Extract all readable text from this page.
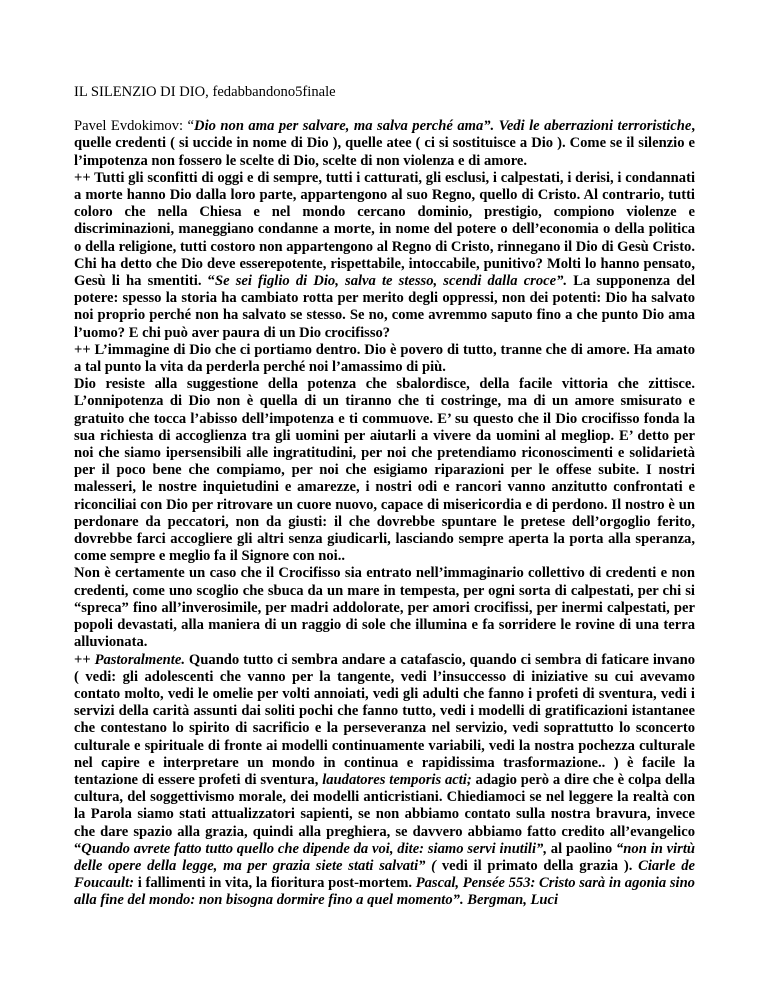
IL SILENZIO DI DIO, fedabbandono5finale

Pavel Evdokimov: “Dio non ama per salvare, ma salva perché ama”. Vedi le aberrazioni terroristiche, quelle credenti ( si uccide in nome di Dio ), quelle atee ( ci si sostituisce a Dio ). Come se il silenzio e l’impotenza non fossero le scelte di Dio, scelte di non violenza e di amore.

++ Tutti gli sconfitti di oggi e di sempre, tutti i catturati, gli esclusi, i calpestati, i derisi, i condannati a morte hanno Dio dalla loro parte, appartengono al suo Regno, quello di Cristo. Al contrario, tutti coloro che nella Chiesa e nel mondo cercano dominio, prestigio, compiono violenze e discriminazioni, maneggiano condanne a morte, in nome del potere o dell’economia o della politica o della religione, tutti costoro non appartengono al Regno di Cristo, rinnegano il Dio di Gesù Cristo. Chi ha detto che Dio deve esserepotente, rispettabile, intoccabile, punitivo? Molti lo hanno pensato, Gesù li ha smentiti. “Se sei figlio di Dio, salva te stesso, scendi dalla croce”. La supponenza del potere: spesso la storia ha cambiato rotta per merito degli oppressi, non dei potenti: Dio ha salvato noi proprio perché non ha salvato se stesso. Se no, come avremmo saputo fino a che punto Dio ama l’uomo? E chi può aver paura di un Dio crocifisso?

++ L’immagine di Dio che ci portiamo dentro. Dio è povero di tutto, tranne che di amore. Ha amato a tal punto la vita da perderla perché noi l’amassimo di più.

Dio resiste alla suggestione della potenza che sbalordisce, della facile vittoria che zittisce. L’onnipotenza di Dio non è quella di un tiranno che ti costringe, ma di un amore smisurato e gratuito che tocca l’abisso dell’impotenza e ti commuove. E’ su questo che il Dio crocifisso fonda la sua richiesta di accoglienza tra gli uomini per aiutarli a vivere da uomini al megliop. E’ detto per noi che siamo ipersensibili alle ingratitudini, per noi che pretendiamo riconoscimenti e solidarietà per il poco bene che compiamo, per noi che esigiamo riparazioni per le offese subite. I nostri malesseri, le nostre inquietudini e amarezze, i nostri odi e rancori vanno anzitutto confrontati e riconciliai con Dio per ritrovare un cuore nuovo, capace di misericordia e di perdono. Il nostro è un perdonare da peccatori, non da giusti: il che dovrebbe spuntare le pretese dell’orgoglio ferito, dovrebbe farci accogliere gli altri senza giudicarli, lasciando sempre aperta la porta alla speranza, come sempre e meglio fa il Signore con noi..

Non è certamente un caso che il Crocifisso sia entrato nell’immaginario collettivo di credenti e non credenti, come uno scoglio che sbuca da un mare in tempesta, per ogni sorta di calpestati, per chi si “spreca” fino all’inverosimile, per madri addolorate, per amori crocifissi, per inermi calpestati, per popoli devastati, alla maniera di un raggio di sole che illumina e fa sorridere le rovine di una terra alluvionata.

++ Pastoralmente. Quando tutto ci sembra andare a catafascio, quando ci sembra di faticare invano ( vedi: gli adolescenti che vanno per la tangente, vedi l’insuccesso di iniziative su cui avevamo contato molto, vedi le omelie per volti annoiati, vedi gli adulti che fanno i profeti di sventura, vedi i servizi della carità assunti dai soliti pochi che fanno tutto, vedi i modelli di gratificazioni istantanee che contestano lo spirito di sacrificio e la perseveranza nel servizio, vedi soprattutto lo sconcerto culturale e spirituale di fronte ai modelli continuamente variabili, vedi la nostra pochezza culturale nel capire e interpretare un mondo in continua e rapidissima trasformazione.. ) è facile la tentazione di essere profeti di sventura, laudatores temporis acti; adagio però a dire che è colpa della cultura, del soggettivismo morale, dei modelli anticristiani. Chiediamoci se nel leggere la realtà con la Parola siamo stati attualizzatori sapienti, se non abbiamo contato sulla nostra bravura, invece che dare spazio alla grazia, quindi alla preghiera, se davvero abbiamo fatto credito all’evangelico “Quando avrete fatto tutto quello che dipende da voi, dite: siamo servi inutili”, al paolino “non in virtù delle opere della legge, ma per grazia siete stati salvati” ( vedi il primato della grazia ). Ciarle de Foucault: i fallimenti in vita, la fioritura post-mortem. Pascal, Pensée 553: Cristo sarà in agonia sino alla fine del mondo: non bisogna dormire fino a quel momento”. Bergman, Luci
